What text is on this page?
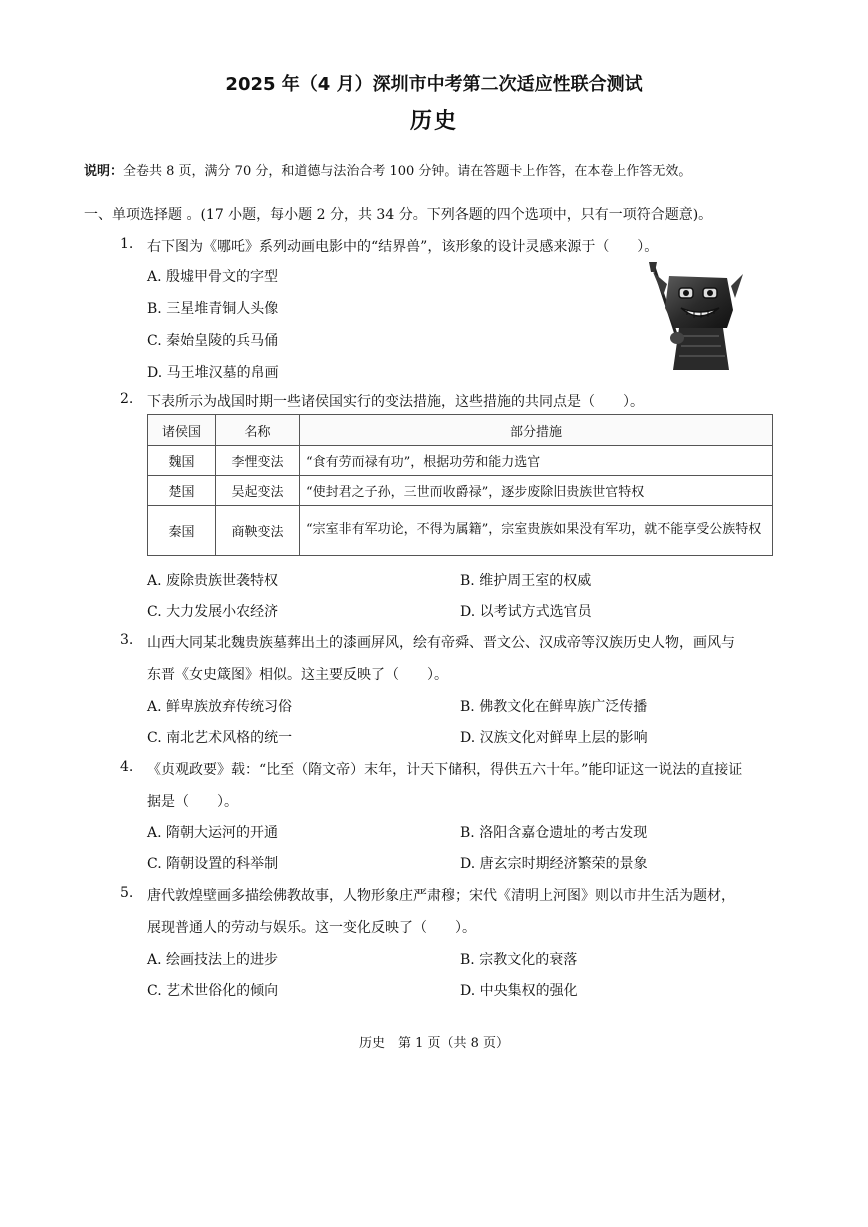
2025 年（4 月）深圳市中考第二次适应性联合测试
历史
说明：全卷共 8 页，满分 70 分，和道德与法治合考 100 分钟。请在答题卡上作答，在本卷上作答无效。
一、单项选择题 。(17 小题，每小题 2 分，共 34 分。下列各题的四个选项中，只有一项符合题意)。
1. 右下图为《哪吒》系列动画电影中的“结界兽”，该形象的设计灵感来源于（　　）。
A. 殷墟甲骨文的字型
B. 三星堆青铜人头像
C. 秦始皇陵的兵马俑
D. 马王堆汉墓的帛画
2. 下表所示为战国时期一些诸侯国实行的变法措施，这些措施的共同点是（　　）。
诸侯国	名称	部分措施
魏国	李悝变法	“食有劳而禄有功”，根据功劳和能力选官
楚国	吴起变法	“使封君之子孙，三世而收爵禄”，逐步废除旧贵族世官特权
秦国	商鞅变法	“宗室非有军功论，不得为属籍”，宗室贵族如果没有军功，就不能享受公族特权
A. 废除贵族世袭特权	B. 维护周王室的权威
C. 大力发展小农经济	D. 以考试方式选官员
3. 山西大同某北魏贵族墓葬出土的漆画屏风，绘有帝舜、晋文公、汉成帝等汉族历史人物，画风与
东晋《女史箴图》相似。这主要反映了（　　）。
A. 鲜卑族放弃传统习俗	B. 佛教文化在鲜卑族广泛传播
C. 南北艺术风格的统一	D. 汉族文化对鲜卑上层的影响
4. 《贞观政要》载：“比至（隋文帝）末年，计天下储积，得供五六十年。”能印证这一说法的直接证
据是（　　）。
A. 隋朝大运河的开通	B. 洛阳含嘉仓遗址的考古发现
C. 隋朝设置的科举制	D. 唐玄宗时期经济繁荣的景象
5. 唐代敦煌壁画多描绘佛教故事，人物形象庄严肃穆；宋代《清明上河图》则以市井生活为题材，
展现普通人的劳动与娱乐。这一变化反映了（　　）。
A. 绘画技法上的进步	B. 宗教文化的衰落
C. 艺术世俗化的倾向	D. 中央集权的强化
历史　第 1 页（共 8 页）
